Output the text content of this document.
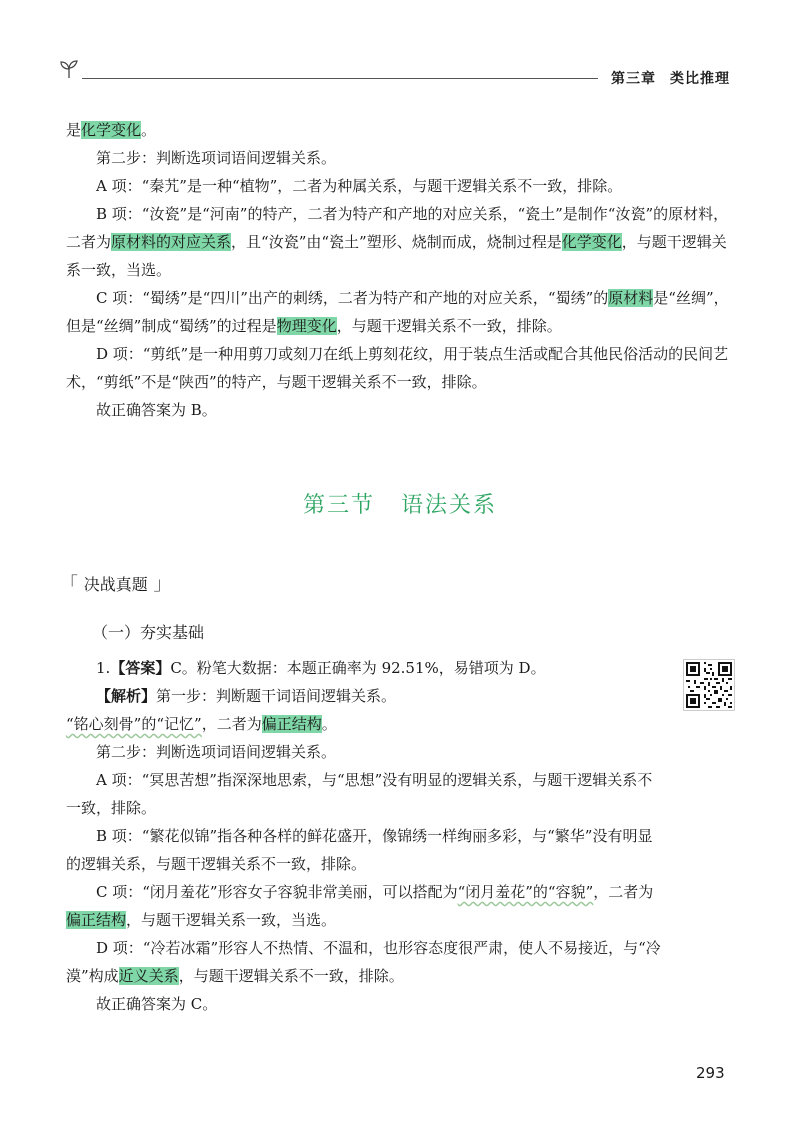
第三章 类比推理

是化学变化。

第二步：判断选项词语间逻辑关系。

A 项：“秦艽”是一种“植物”，二者为种属关系，与题干逻辑关系不一致，排除。

B 项：“汝瓷”是“河南”的特产，二者为特产和产地的对应关系，“瓷土”是制作“汝瓷”的原材料，二者为原材料的对应关系，且“汝瓷”由“瓷土”塑形、烧制而成，烧制过程是化学变化，与题干逻辑关系一致，当选。

C 项：“蜀绣”是“四川”出产的刺绣，二者为特产和产地的对应关系，“蜀绣”的原材料是“丝绸”，但是“丝绸”制成“蜀绣”的过程是物理变化，与题干逻辑关系不一致，排除。

D 项：“剪纸”是一种用剪刀或刻刀在纸上剪刻花纹，用于装点生活或配合其他民俗活动的民间艺术，“剪纸”不是“陕西”的特产，与题干逻辑关系不一致，排除。

故正确答案为 B。

第三节 语法关系
「 决战真题 」
（一）夯实基础

1.【答案】C。粉笔大数据：本题正确率为 92.51%，易错项为 D。

【解析】第一步：判断题干词语间逻辑关系。

“铭心刻骨”的“记忆”，二者为偏正结构。

第二步：判断选项词语间逻辑关系。

A 项：“冥思苦想”指深深地思索，与“思想”没有明显的逻辑关系，与题干逻辑关系不一致，排除。

B 项：“繁花似锦”指各种各样的鲜花盛开，像锦绣一样绚丽多彩，与“繁华”没有明显的逻辑关系，与题干逻辑关系不一致，排除。

C 项：“闭月羞花”形容女子容貌非常美丽，可以搭配为“闭月羞花”的“容貌”，二者为偏正结构，与题干逻辑关系一致，当选。

D 项：“冷若冰霜”形容人不热情、不温和，也形容态度很严肃，使人不易接近，与“冷漠”构成近义关系，与题干逻辑关系不一致，排除。

故正确答案为 C。

293
